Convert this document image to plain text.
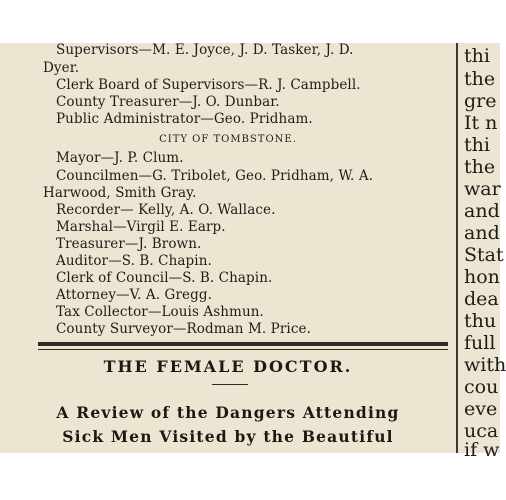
Supervisors—M. E. Joyce, J. D. Tasker, J. D.
Dyer.
Clerk Board of Supervisors—R. J. Campbell.
County Treasurer—J. O. Dunbar.
Public Administrator—Geo. Pridham.
CITY OF TOMBSTONE.
Mayor—J. P. Clum.
Councilmen—G. Tribolet, Geo. Pridham, W. A.
Harwood, Smith Gray.
Recorder— Kelly, A. O. Wallace.
Marshal—Virgil E. Earp.
Treasurer—J. Brown.
Auditor—S. B. Chapin.
Clerk of Council—S. B. Chapin.
Attorney—V. A. Gregg.
Tax Collector—Louis Ashmun.
County Surveyor—Rodman M. Price.
THE FEMALE DOCTOR.
A Review of the Dangers Attending
Sick Men Visited by the Beautiful
thi
the
gre
It n
thi
the
war
and
and
Stat
hon
dea
thu
full
with
cou
eve
uca
if w
